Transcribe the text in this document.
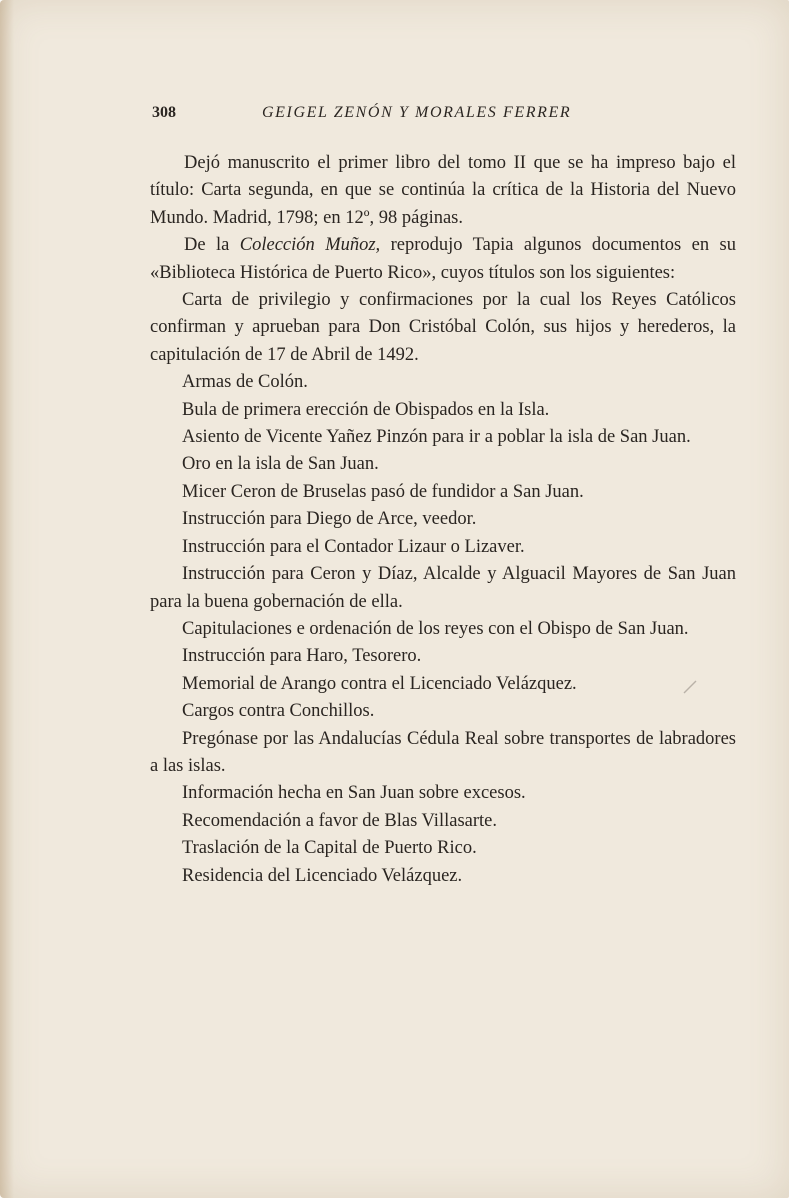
308	GEIGEL ZENÓN Y MORALES FERRER

Dejó manuscrito el primer libro del tomo II que se ha impreso bajo el título: Carta segunda, en que se continúa la crítica de la Historia del Nuevo Mundo. Madrid, 1798; en 12º, 98 páginas.

De la Colección Muñoz, reprodujo Tapia algunos documentos en su «Biblioteca Histórica de Puerto Rico», cuyos títulos son los siguientes:

Carta de privilegio y confirmaciones por la cual los Reyes Católicos confirman y aprueban para Don Cristóbal Colón, sus hijos y herederos, la capitulación de 17 de Abril de 1492.

Armas de Colón.

Bula de primera erección de Obispados en la Isla.

Asiento de Vicente Yañez Pinzón para ir a poblar la isla de San Juan.

Oro en la isla de San Juan.

Micer Ceron de Bruselas pasó de fundidor a San Juan.

Instrucción para Diego de Arce, veedor.

Instrucción para el Contador Lizaur o Lizaver.

Instrucción para Ceron y Díaz, Alcalde y Alguacil Mayores de San Juan para la buena gobernación de ella.

Capitulaciones e ordenación de los reyes con el Obispo de San Juan.

Instrucción para Haro, Tesorero.

Memorial de Arango contra el Licenciado Velázquez.

Cargos contra Conchillos.

Pregónase por las Andalucías Cédula Real sobre transportes de labradores a las islas.

Información hecha en San Juan sobre excesos.

Recomendación a favor de Blas Villasarte.

Traslación de la Capital de Puerto Rico.

Residencia del Licenciado Velázquez.
